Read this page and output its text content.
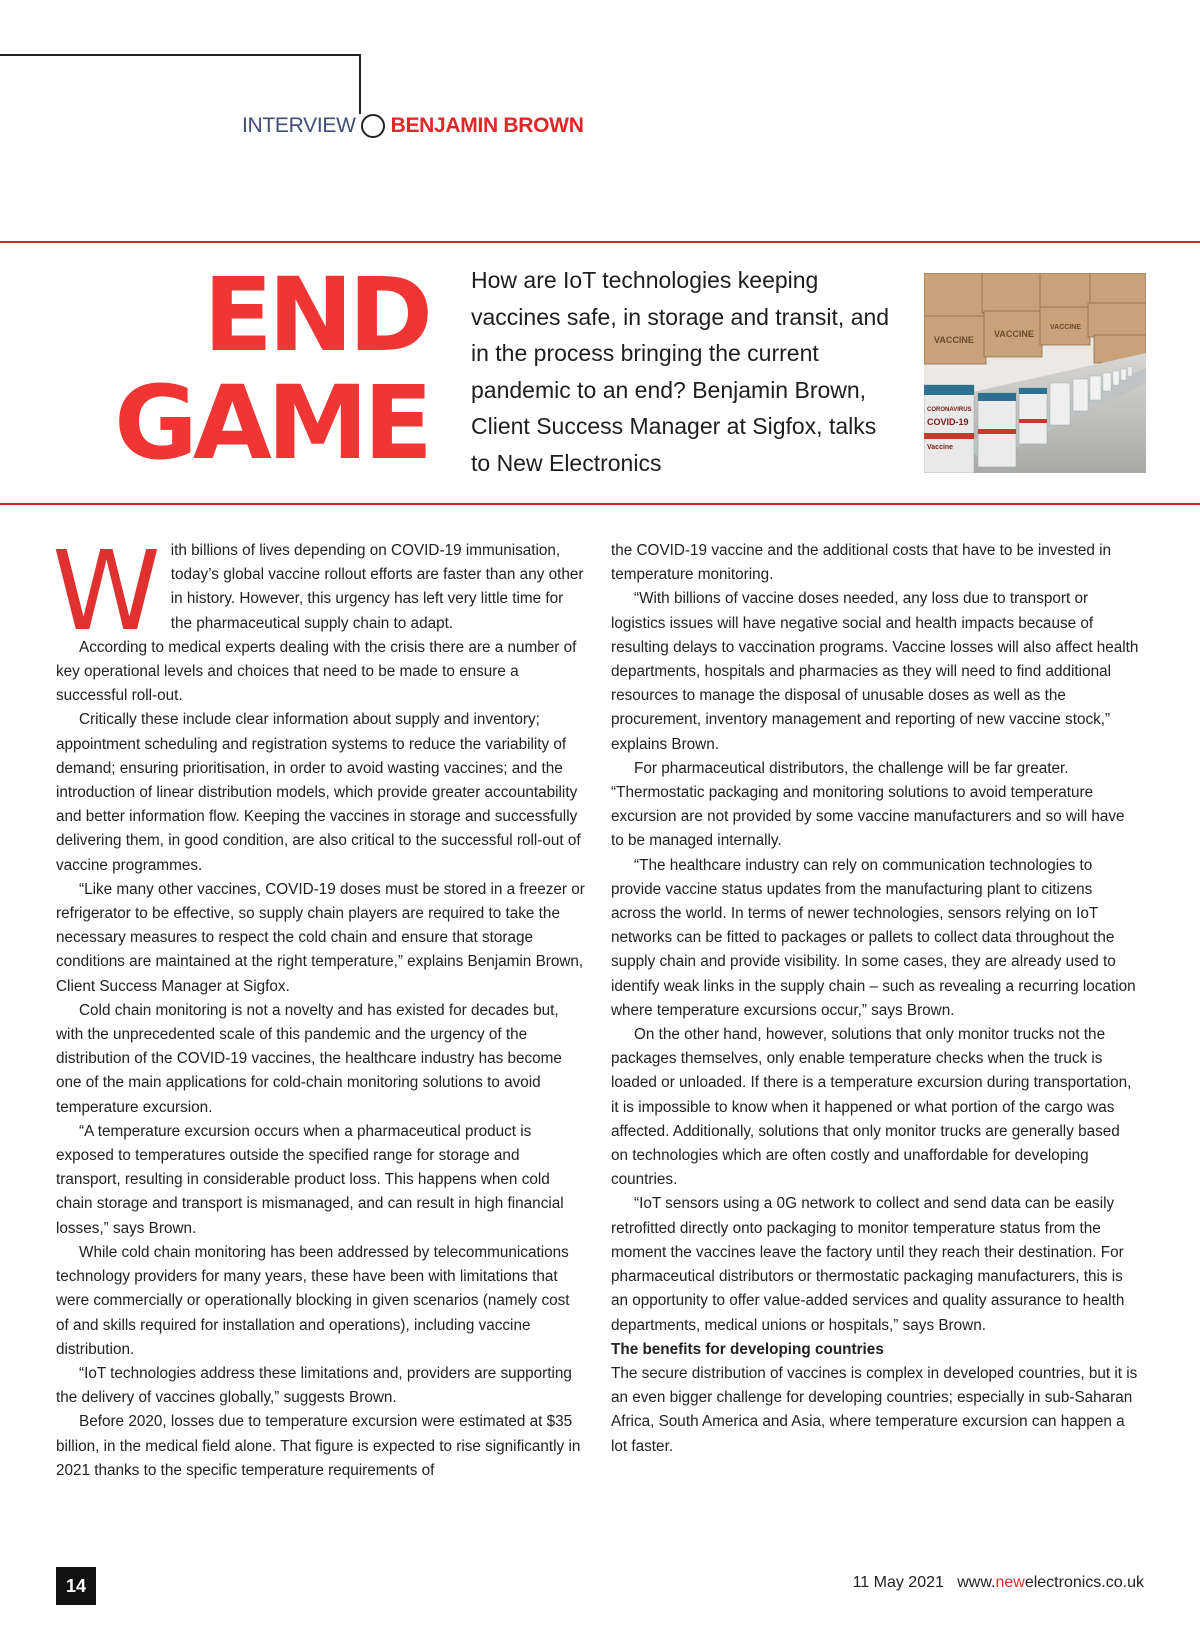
INTERVIEW BENJAMIN BROWN
END
GAME
How are IoT technologies keeping vaccines safe, in storage and transit, and in the process bringing the current pandemic to an end? Benjamin Brown, Client Success Manager at Sigfox, talks to New Electronics
VACCINE
VACCINE
VACCINE
CORONAVIRUS
COVID-19
Vaccine

With billions of lives depending on COVID-19 immunisation, today’s global vaccine rollout efforts are faster than any other in history. However, this urgency has left very little time for the pharmaceutical supply chain to adapt.

According to medical experts dealing with the crisis there are a number of key operational levels and choices that need to be made to ensure a successful roll-out.

Critically these include clear information about supply and inventory; appointment scheduling and registration systems to reduce the variability of demand; ensuring prioritisation, in order to avoid wasting vaccines; and the introduction of linear distribution models, which provide greater accountability and better information flow. Keeping the vaccines in storage and successfully delivering them, in good condition, are also critical to the successful roll-out of vaccine programmes.

“Like many other vaccines, COVID-19 doses must be stored in a freezer or refrigerator to be effective, so supply chain players are required to take the necessary measures to respect the cold chain and ensure that storage conditions are maintained at the right temperature,” explains Benjamin Brown, Client Success Manager at Sigfox.

Cold chain monitoring is not a novelty and has existed for decades but, with the unprecedented scale of this pandemic and the urgency of the distribution of the COVID-19 vaccines, the healthcare industry has become one of the main applications for cold-chain monitoring solutions to avoid temperature excursion.

“A temperature excursion occurs when a pharmaceutical product is exposed to temperatures outside the specified range for storage and transport, resulting in considerable product loss. This happens when cold chain storage and transport is mismanaged, and can result in high financial losses,” says Brown.

While cold chain monitoring has been addressed by telecommunications technology providers for many years, these have been with limitations that were commercially or operationally blocking in given scenarios (namely cost of and skills required for installation and operations), including vaccine distribution.

“IoT technologies address these limitations and, providers are supporting the delivery of vaccines globally,” suggests Brown.

Before 2020, losses due to temperature excursion were estimated at $35 billion, in the medical field alone. That figure is expected to rise significantly in 2021 thanks to the specific temperature requirements of

the COVID-19 vaccine and the additional costs that have to be invested in temperature monitoring.

“With billions of vaccine doses needed, any loss due to transport or logistics issues will have negative social and health impacts because of resulting delays to vaccination programs. Vaccine losses will also affect health departments, hospitals and pharmacies as they will need to find additional resources to manage the disposal of unusable doses as well as the procurement, inventory management and reporting of new vaccine stock,” explains Brown.

For pharmaceutical distributors, the challenge will be far greater. “Thermostatic packaging and monitoring solutions to avoid temperature excursion are not provided by some vaccine manufacturers and so will have to be managed internally.

“The healthcare industry can rely on communication technologies to provide vaccine status updates from the manufacturing plant to citizens across the world. In terms of newer technologies, sensors relying on IoT networks can be fitted to packages or pallets to collect data throughout the supply chain and provide visibility. In some cases, they are already used to identify weak links in the supply chain – such as revealing a recurring location where temperature excursions occur,” says Brown.

On the other hand, however, solutions that only monitor trucks not the packages themselves, only enable temperature checks when the truck is loaded or unloaded. If there is a temperature excursion during transportation, it is impossible to know when it happened or what portion of the cargo was affected. Additionally, solutions that only monitor trucks are generally based on technologies which are often costly and unaffordable for developing countries.

“IoT sensors using a 0G network to collect and send data can be easily retrofitted directly onto packaging to monitor temperature status from the moment the vaccines leave the factory until they reach their destination. For pharmaceutical distributors or thermostatic packaging manufacturers, this is an opportunity to offer value-added services and quality assurance to health departments, medical unions or hospitals,” says Brown.

The benefits for developing countries

The secure distribution of vaccines is complex in developed countries, but it is an even bigger challenge for developing countries; especially in sub-Saharan Africa, South America and Asia, where temperature excursion can happen a lot faster.

14	11 May 2021 www.newelectronics.co.uk
